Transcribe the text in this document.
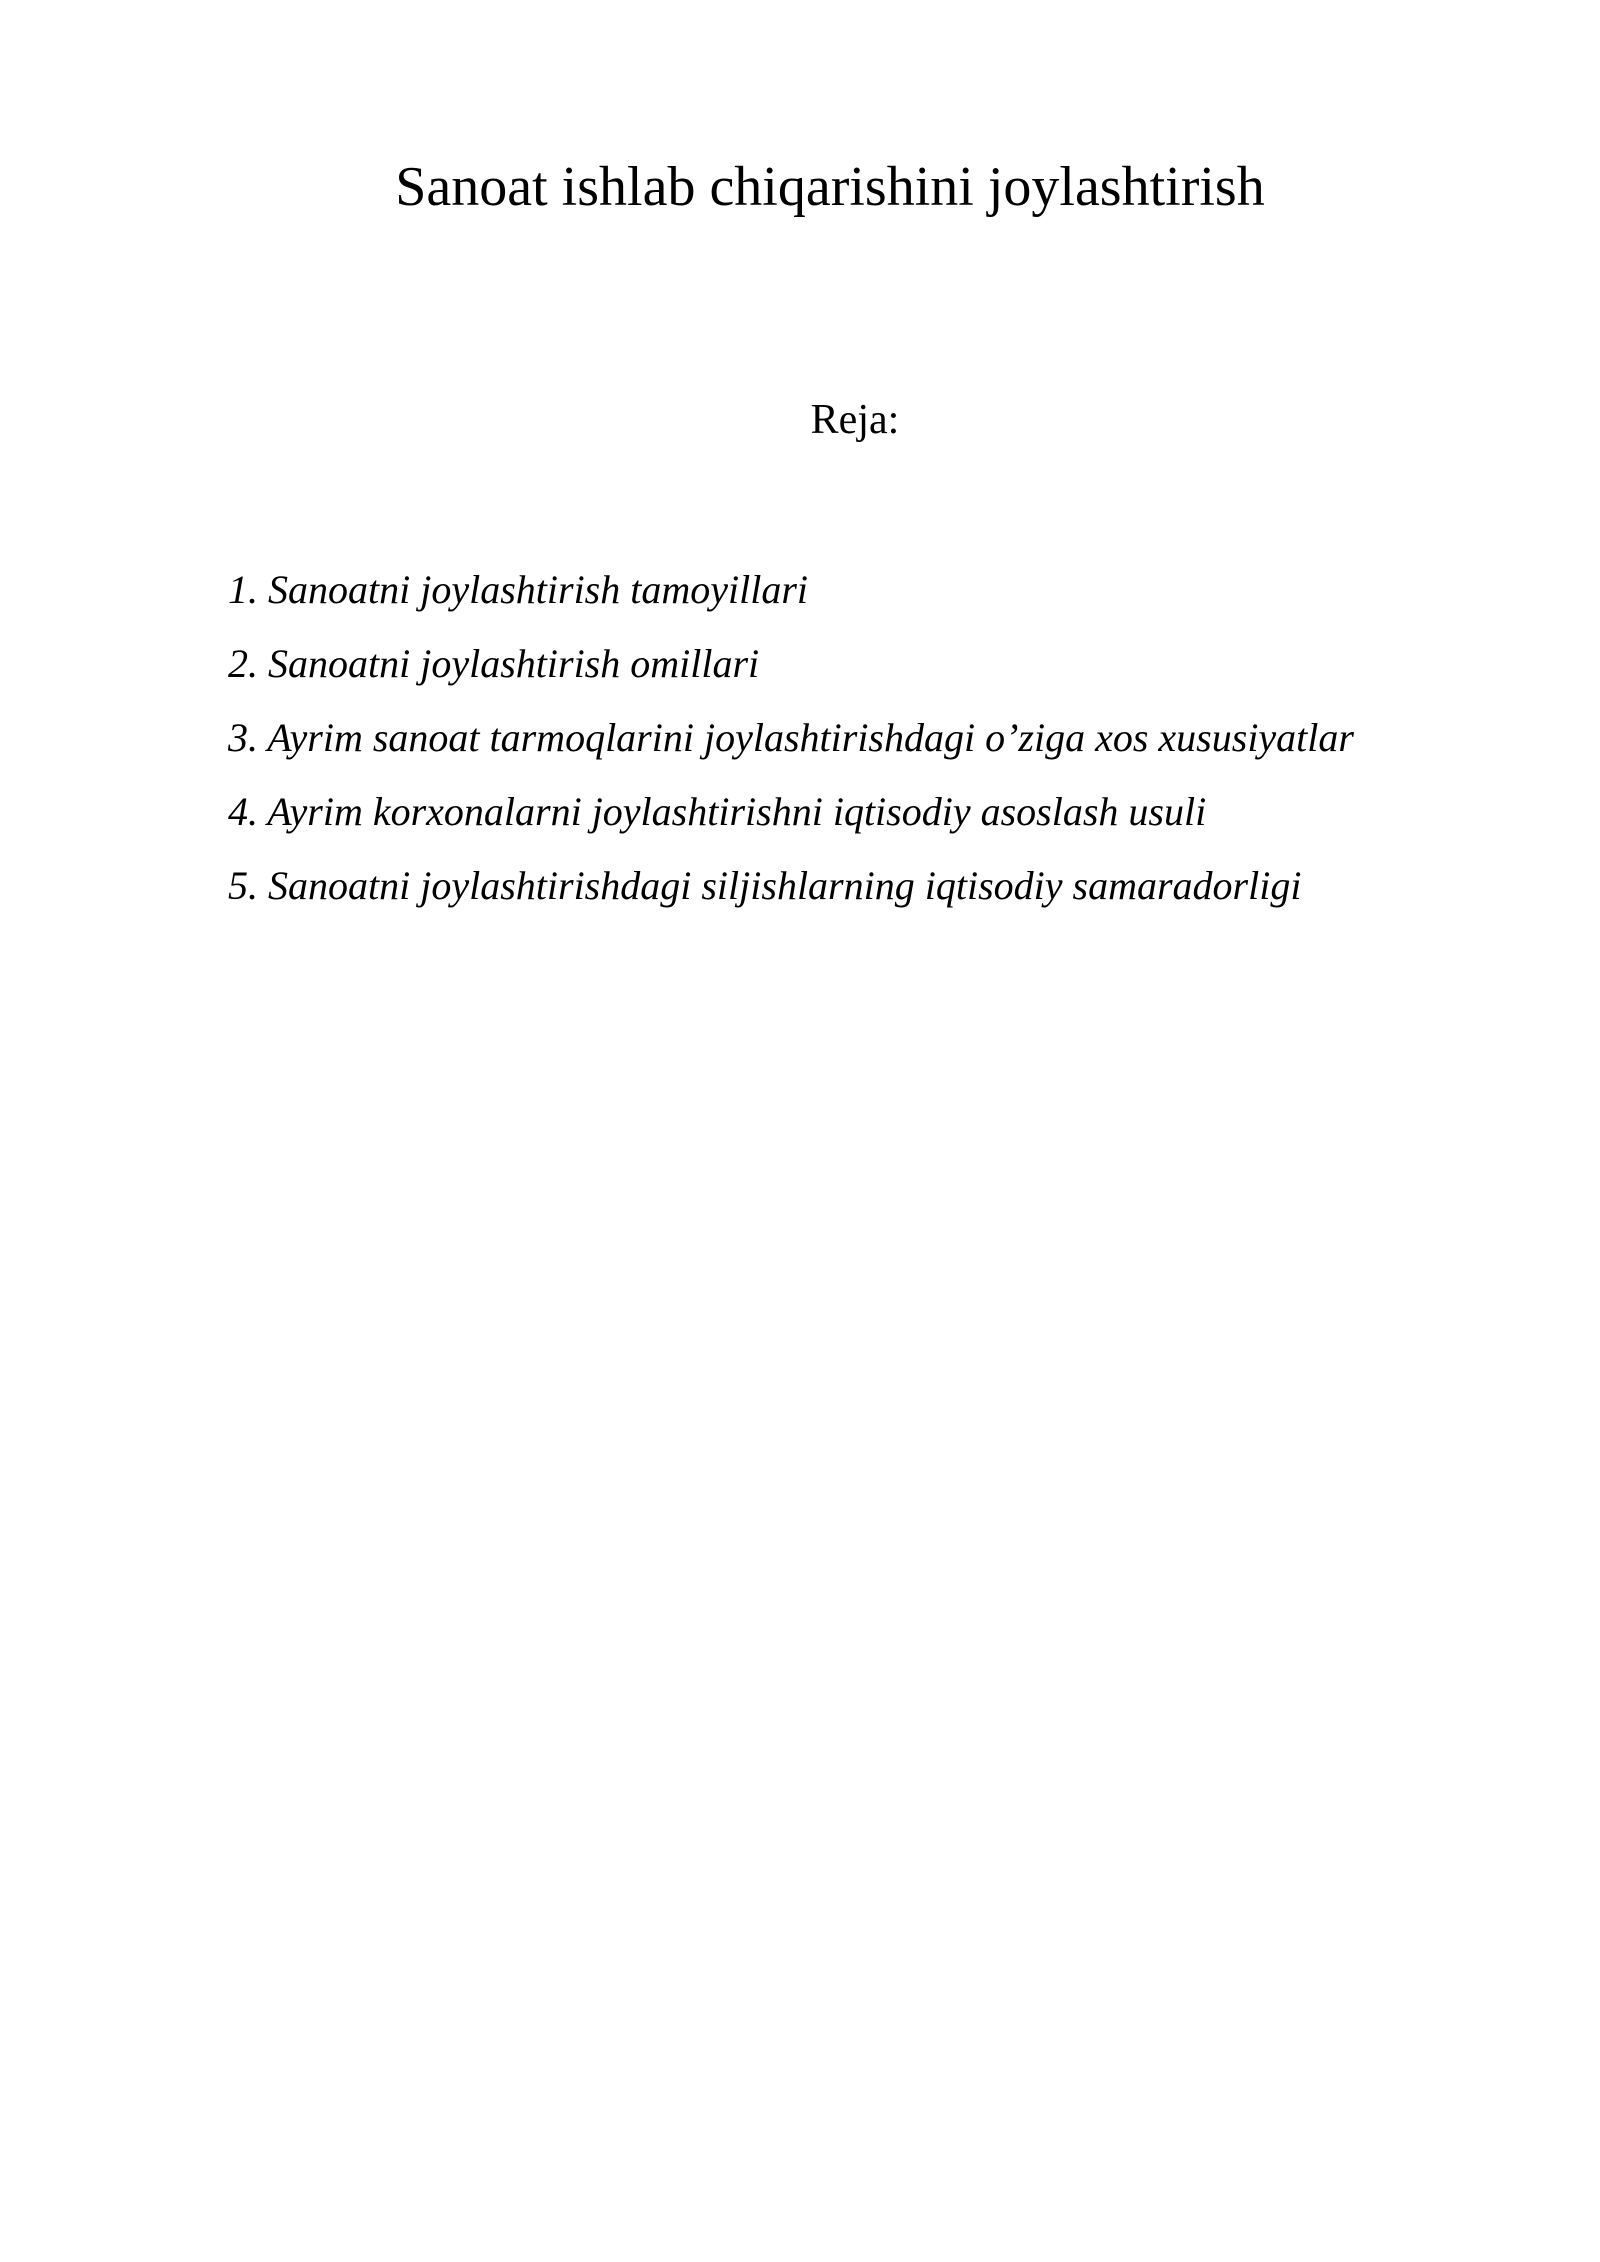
Sanoat ishlab chiqarishini joylashtirish
Reja:
1. Sanoatni joylashtirish tamoyillari
2. Sanoatni joylashtirish omillari
3. Ayrim sanoat tarmoqlarini joylashtirishdagi o’ziga xos xususiyatlar
4. Ayrim korxonalarni joylashtirishni iqtisodiy asoslash usuli
5. Sanoatni joylashtirishdagi siljishlarning iqtisodiy samaradorligi
